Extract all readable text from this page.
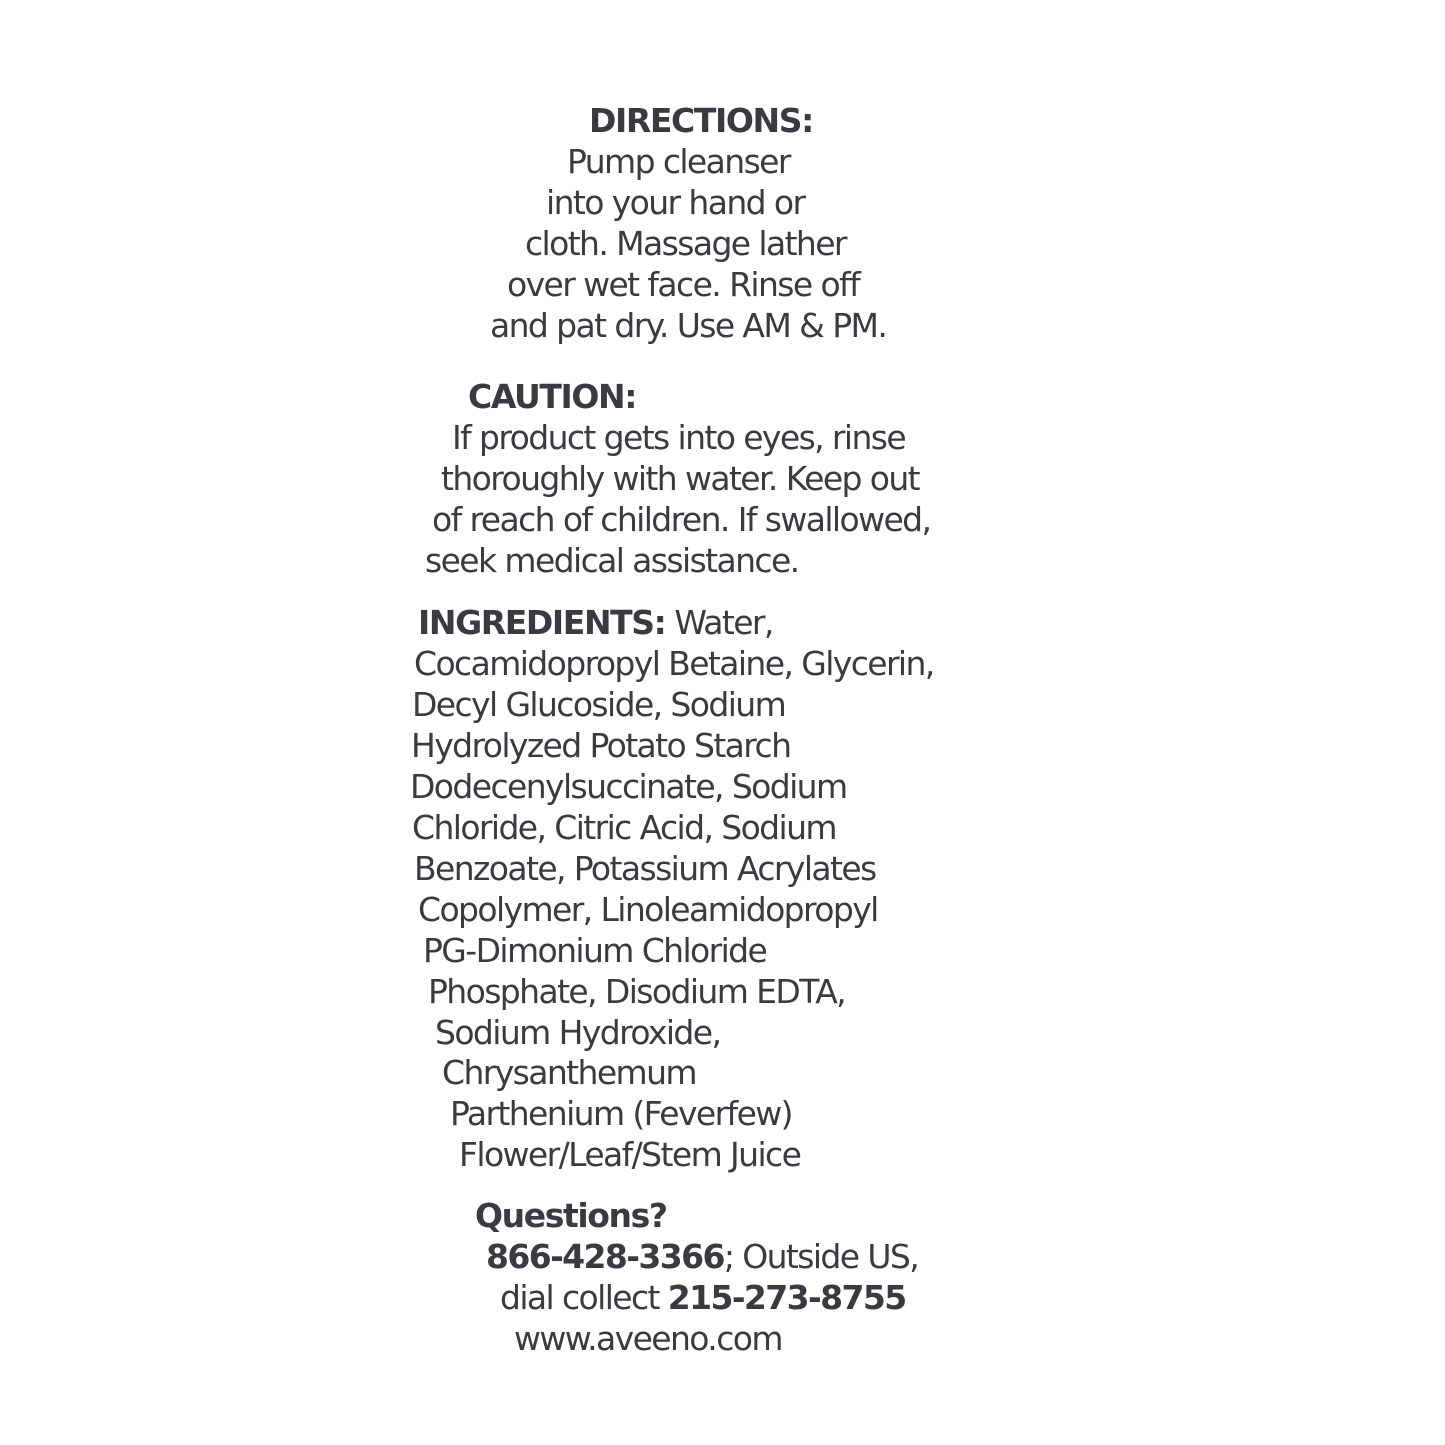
DIRECTIONS:
Pump cleanser
into your hand or
cloth. Massage lather
over wet face. Rinse off
and pat dry. Use AM & PM.
CAUTION:
If product gets into eyes, rinse
thoroughly with water. Keep out
of reach of children. If swallowed,
seek medical assistance.
INGREDIENTS: Water,
Cocamidopropyl Betaine, Glycerin,
Decyl Glucoside, Sodium
Hydrolyzed Potato Starch
Dodecenylsuccinate, Sodium
Chloride, Citric Acid, Sodium
Benzoate, Potassium Acrylates
Copolymer, Linoleamidopropyl
PG-Dimonium Chloride
Phosphate, Disodium EDTA,
Sodium Hydroxide,
Chrysanthemum
Parthenium (Feverfew)
Flower/Leaf/Stem Juice
Questions?
866-428-3366; Outside US,
dial collect 215-273-8755
www.aveeno.com
